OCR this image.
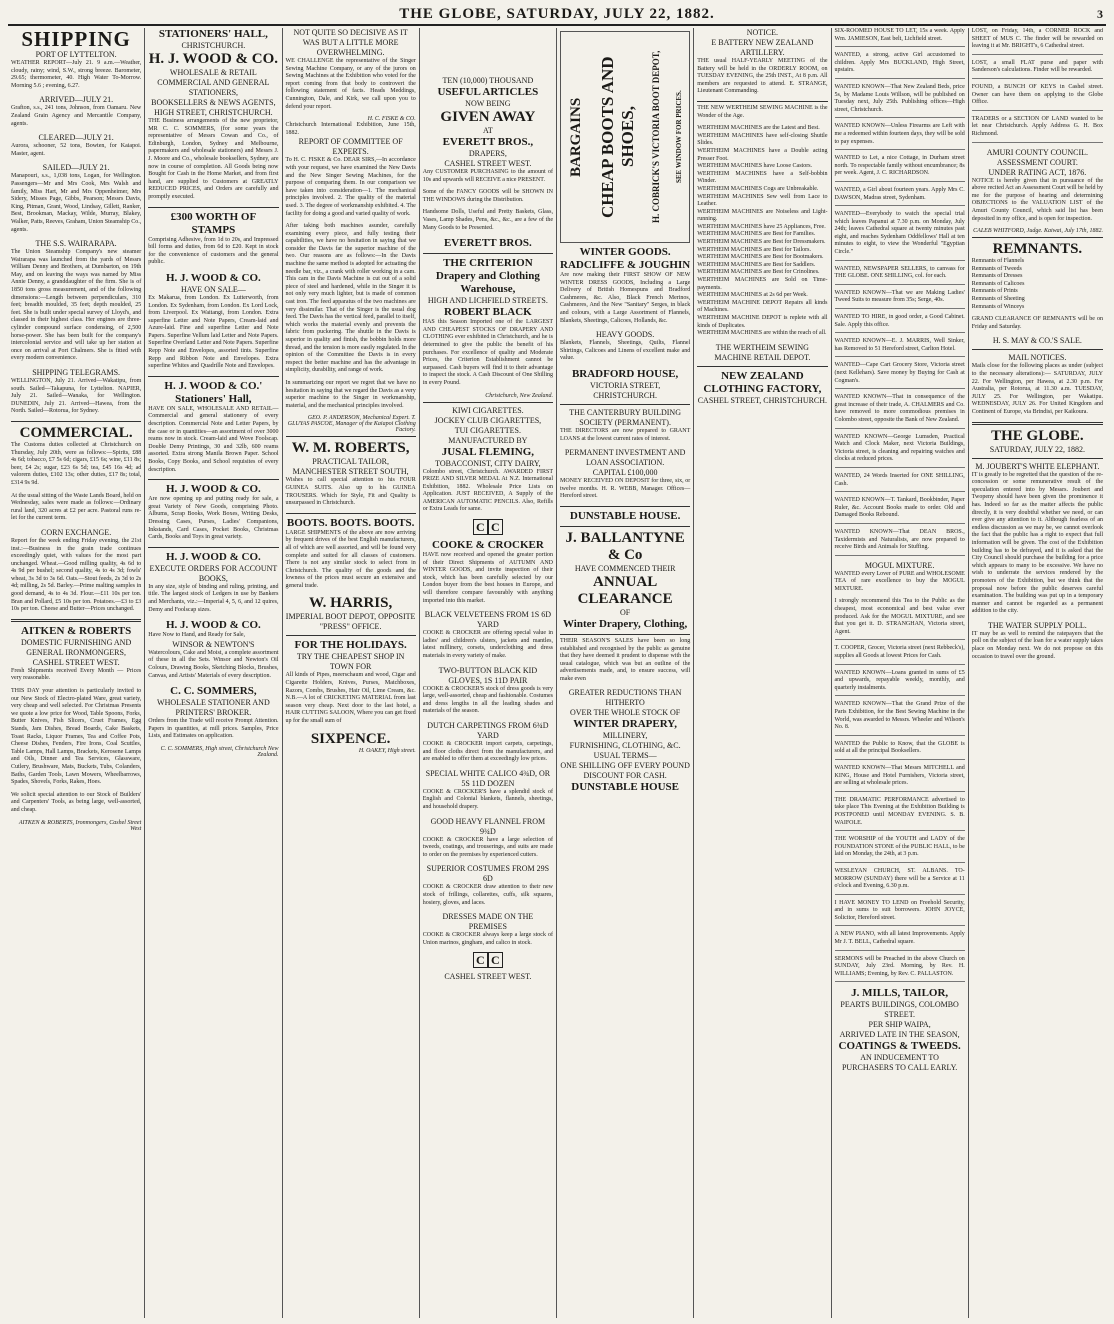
THE GLOBE, SATURDAY, JULY 22, 1882.	3
SHIPPING
PORT OF LYTTELTON.
WEATHER REPORT—July 21. 9 a.m.—Weather, cloudy, rainy; wind, S.W., strong breeze. Barometer, 29.65; thermometer, 40. High Water To-Morrow. Morning 5.6 ; evening, 6.27.
ARRIVED—JULY 21.
Grafton, s.s., 241 tons, Johnson, from Oamaru. New Zealand Grain Agency and Mercantile Company, agents.
CLEARED—JULY 21.
Aurora, schooner, 52 tons, Bowten, for Kaiapoi. Master, agent.
SAILED—JULY 21.
Manapouri, s.s., 1,038 tons, Logan, for Wellington. Passengers—Mr and Mrs Cook, Mrs Walsh and family, Miss Hart, Mr and Mrs Oppenheimer, Mrs Sidery, Misses Page, Gibbs, Pearson; Messrs Davis, King, Pitman, Grant, Wood, Lindsay, Gillett, Ranker, Best, Brookman, Mackay, Wilde, Murray, Blakey, Walker, Patts, Reeves, Graham, Union Steamship Co., agents.
THE S.S. WAIRARAPA.
The Union Steamship Company's new steamer Wairarapa was launched from the yards of Messrs William Denny and Brothers, at Dumbarton, on 19th May, and on leaving the ways was named by Miss Annie Denny, a granddaughter of the firm. She is of 1850 tons gross measurement, and of the following dimensions:—Length between perpendiculars, 310 feet; breadth moulded, 35 feet; depth moulded, 25 feet. She is built under special survey of Lloyd's, and classed in their highest class. Her engines are three-cylinder compound surface condensing, of 2,500 horse-power. She has been built for the company's intercolonial service and will take up her station at once on arrival at Port Chalmers. She is fitted with every modern convenience.
SHIPPING TELEGRAMS.
WELLINGTON, July 21. Arrived—Wakatipu, from south. Sailed—Takapuna, for Lyttelton. NAPIER, July 21. Sailed—Wanaka, for Wellington. DUNEDIN, July 21. Arrived—Hawea, from the North. Sailed—Rotorua, for Sydney.
COMMERCIAL.
The Customs duties collected at Christchurch on Thursday, July 20th, were as follows:—Spirits, £88 4s 6d; tobacco, £7 5s 6d; cigars, £15 6s; wine, £11 8s; beer, £4 2s; sugar, £23 6s 5d; tea, £45 16s 4d; ad valorem duties, £102 13s; other duties, £17 8s; total, £314 9s 9d.
At the usual sitting of the Waste Lands Board, held on Wednesday, sales were made as follows:—Ordinary rural land, 320 acres at £2 per acre. Pastoral runs re-let for the current term.
CORN EXCHANGE.
Report for the week ending Friday evening, the 21st inst.:—Business in the grain trade continues exceedingly quiet, with values for the most part unchanged. Wheat.—Good milling quality, 4s 6d to 4s 9d per bushel; second quality, 4s to 4s 3d; fowls' wheat, 3s 3d to 3s 6d. Oats.—Stout feeds, 2s 3d to 2s 4d; milling, 2s 5d. Barley.—Prime malting samples in good demand, 4s to 4s 3d. Flour.—£11 10s per ton. Bran and Pollard, £5 10s per ton. Potatoes.—£3 to £3 10s per ton. Cheese and Butter—Prices unchanged.
AITKEN & ROBERTS
DOMESTIC FURNISHING AND GENERAL IRONMONGERS,
CASHEL STREET WEST.
Fresh Shipments received Every Month — Prices very reasonable.
THIS DAY your attention is particularly invited to our New Stock of Electro-plated Ware, great variety, very cheap and well selected. For Christmas Presents we quote a low price for Wood, Table Spoons, Forks, Butter Knives, Fish Slicers, Cruet Frames, Egg Stands, Jam Dishes, Bread Boards, Cake Baskets, Toast Racks, Liquor Frames, Tea and Coffee Pots, Cheese Dishes, Fenders, Fire Irons, Coal Scuttles, Table Lamps, Hall Lamps, Brackets, Kerosene Lamps and Oils, Dinner and Tea Services, Glassware, Cutlery, Brushware, Mats, Buckets, Tubs, Colanders, Baths, Garden Tools, Lawn Mowers, Wheelbarrows, Spades, Shovels, Forks, Rakes, Hoes.
We solicit special attention to our Stock of Builders' and Carpenters' Tools, as being large, well-assorted, and cheap.
AITKEN & ROBERTS, Ironmongers, Cashel Street West
STATIONERS' HALL,
CHRISTCHURCH.
H. J. WOOD & CO.
WHOLESALE & RETAIL
COMMERCIAL AND GENERAL STATIONERS,
BOOKSELLERS & NEWS AGENTS,
HIGH STREET, CHRISTCHURCH.
THE Business arrangements of the new proprietor, MR C. C. SOMMERS, (for some years the representative of Messrs Cowan and Co., of Edinburgh, London, Sydney and Melbourne, papermakers and wholesale stationers) and Messrs J. J. Moore and Co., wholesale booksellers, Sydney, are now in course of completion. All Goods being now Bought for Cash in the Home Market, and from first hand, are supplied to Customers at GREATLY REDUCED PRICES, and Orders are carefully and promptly executed.
£300 WORTH OF STAMPS
Comprising Adhesive, from 1d to 20s, and Impressed bill forms and duties, from 6d to £20. Kept in stock for the convenience of customers and the general public.
H. J. WOOD & CO.
HAVE ON SALE—
Ex Makarua, from London. Ex Lutterworth, from London. Ex Sydenham, from London. Ex Lord Lock, from Liverpool. Ex Waitangi, from London. Extra superfine Letter and Note Papers, Cream-laid and Azure-laid. Fine and superfine Letter and Note Papers. Superfine Vellum laid Letter and Note Papers. Superfine Overland Letter and Note Papers. Superfine Repp Note and Envelopes, assorted tints. Superfine Repp and Ribbon Note and Envelopes. Extra superfine Whites and Quadrille Note and Envelopes.
H. J. WOOD & CO.'
Stationers' Hall,
HAVE ON SALE, WHOLESALE AND RETAIL—Commercial and general stationery of every description. Commercial Note and Letter Papers, by the case or in quantities—an assortment of over 3000 reams now in stock. Cream-laid and Wove Foolscap. Double Demy Printings, 30 and 32lb, 600 reams assorted. Extra strong Manila Brown Paper. School Books, Copy Books, and School requisites of every description.
H. J. WOOD & CO.
Are now opening up and putting ready for sale, a great Variety of New Goods, comprising Photo. Albums, Scrap Books, Work Boxes, Writing Desks, Dressing Cases, Purses, Ladies' Companions, Inkstands, Card Cases, Pocket Books, Christmas Cards, Books and Toys in great variety.
H. J. WOOD & CO.
EXECUTE ORDERS FOR ACCOUNT BOOKS,
In any size, style of binding and ruling, printing, and title. The largest stock of Ledgers in use by Bankers and Merchants, viz.:—Imperial 4, 5, 6, and 12 quires, Demy and Foolscap sizes.
H. J. WOOD & CO.
Have Now to Hand, and Ready for Sale,
WINSOR & NEWTON'S
Watercolours, Cake and Moist, a complete assortment of these in all the Sets. Winsor and Newton's Oil Colours, Drawing Books, Sketching Blocks, Brushes, Canvas, and Artists' Materials of every description.
C. C. SOMMERS,
WHOLESALE STATIONER AND PRINTERS' BROKER.
Orders from the Trade will receive Prompt Attention. Papers in quantities, at mill prices. Samples, Price Lists, and Estimates on application.
C. C. SOMMERS, High street, Christchurch New Zealand.
NOT QUITE SO DECISIVE AS IT WAS BUT A LITTLE MORE OVERWHELMING.
WE CHALLENGE the representative of the Singer Sewing Machine Company, or any of the jurors on Sewing Machines at the Exhibition who voted for the report coming from that body to controvert the following statement of facts. Heads Meddings, Cunnington, Dale, and Kirk, we call upon you to defend your report.
H. C. FISKE & CO.
Christchurch International Exhibition, June 15th, 1882.
REPORT OF COMMITTEE OF EXPERTS.
To H. C. FISKE & Co. DEAR SIRS,—In accordance with your request, we have examined the New Davis and the New Singer Sewing Machines, for the purpose of comparing them. In our comparison we have taken into consideration—1. The mechanical principles involved. 2. The quality of the material used. 3. The degree of workmanship exhibited. 4. The facility for doing a good and varied quality of work.
After taking both machines asunder, carefully examining every piece, and fully testing their capabilities, we have no hesitation in saying that we consider the Davis far the superior machine of the two. Our reasons are as follows:—In the Davis machine the same method is adopted for actuating the needle bar, viz., a crank with roller working in a cam. This cam in the Davis Machine is cut out of a solid piece of steel and hardened, while in the Singer it is not only very much lighter, but is made of common cast iron. The feed apparatus of the two machines are very dissimilar. That of the Singer is the usual dog feed. The Davis has the vertical feed, parallel to itself, which works the material evenly and prevents the fabric from puckering. The shuttle in the Davis is superior in quality and finish, the bobbin holds more thread, and the tension is more easily regulated. In the opinion of the Committee the Davis is in every respect the better machine and has the advantage in simplicity, durability, and range of work.
In summarizing our report we regret that we have no hesitation in saying that we regard the Davis as a very superior machine to the Singer in workmanship, material, and the mechanical principles involved.
GEO. P. ANDERSON, Mechanical Expert. T. GLUYAS PASCOE, Manager of the Kaiapoi Clothing Factory.
W. M. ROBERTS,
PRACTICAL TAILOR, MANCHESTER STREET SOUTH,
Wishes to call special attention to his FOUR GUINEA SUITS. Also up to his GUINEA TROUSERS. Which for Style, Fit and Quality is unsurpassed in Christchurch.
BOOTS. BOOTS. BOOTS.
LARGE SHIPMENTS of the above are now arriving by frequent drives of the best English manufacturers, all of which are well assorted, and will be found very complete and suited for all classes of customers. There is not any similar stock to select from in Christchurch. The quality of the goods and the lowness of the prices must secure an extensive and general trade.
W. HARRIS,
IMPERIAL BOOT DEPOT, OPPOSITE "PRESS" OFFICE.
FOR THE HOLIDAYS.
TRY THE CHEAPEST SHOP IN TOWN FOR
All kinds of Pipes, meerschaum and wood, Cigar and Cigarette Holders, Knives, Purses, Matchboxes, Razors, Combs, Brushes, Hair Oil, Lime Cream, &c. N.B.—A lot of CRICKETING MATERIAL from last season very cheap. Next door to the last hotel, a HAIR CUTTING SALOON, Where you can get fixed up for the small sum of
SIXPENCE.
H. OAKEY, High street.
TEN (10,000) THOUSAND
USEFUL ARTICLES
NOW BEING
GIVEN AWAY
AT
EVERETT BROS.,
DRAPERS,
CASHEL STREET WEST.
Any CUSTOMER PURCHASING to the amount of 10s and upwards will RECEIVE a nice PRESENT.
Some of the FANCY GOODS will be SHOWN IN THE WINDOWS during the Distribution.
Handsome Dolls, Useful and Pretty Baskets, Glass, Vases, Lamp Shades, Pens, &c., &c., are a few of the Many Goods to be Presented.
EVERETT BROS.
THE CRITERION
Drapery and Clothing
Warehouse,
HIGH AND LICHFIELD STREETS.
ROBERT BLACK
HAS this Season Imported one of the LARGEST AND CHEAPEST STOCKS OF DRAPERY AND CLOTHING ever exhibited in Christchurch, and he is determined to give the public the benefit of his purchases. For excellence of quality and Moderate Prices, the Criterion Establishment cannot be surpassed. Cash buyers will find it to their advantage to inspect the stock. A Cash Discount of One Shilling in every Pound.
Christchurch, New Zealand.
KIWI CIGARETTES.
JOCKEY CLUB CIGARETTES,
TUI CIGARETTES.
MANUFACTURED BY
JUSAL FLEMING,
TOBACCONIST, CITY DAIRY,
Colombo street, Christchurch. AWARDED FIRST PRIZE AND SILVER MEDAL At N.Z. International Exhibition, 1882. Wholesale Price Lists on Application. JUST RECEIVED, A Supply of the AMERICAN AUTOMATIC PENCILS. Also, Refills or Extra Leads for same.
C C
COOKE & CROCKER
HAVE now received and opened the greater portion of their Direct Shipments of AUTUMN AND WINTER GOODS, and invite inspection of their stock, which has been carefully selected by our London buyer from the best houses in Europe, and will therefore compare favourably with anything imported into this market.
BLACK VELVETEENS FROM 1S 6D YARD
COOKE & CROCKER are offering special value in ladies' and children's ulsters, jackets and mantles, latest millinery, corsets, underclothing and dress materials in every variety of make.
TWO-BUTTON BLACK KID GLOVES, 1S 11D PAIR
COOKE & CROCKER'S stock of dress goods is very large, well-assorted, cheap and fashionable. Costumes and dress lengths in all the leading shades and materials of the season.
DUTCH CARPETINGS FROM 6¾D YARD
COOKE & CROCKER import carpets, carpetings, and floor cloths direct from the manufacturers, and are enabled to offer them at exceedingly low prices.
SPECIAL WHITE CALICO 4¾D, OR 5S 11D DOZEN
COOKE & CROCKER'S have a splendid stock of English and Colonial blankets, flannels, sheetings, and household drapery.
GOOD HEAVY FLANNEL FROM 9¾D
COOKE & CROCKER have a large selection of tweeds, coatings, and trouserings, and suits are made to order on the premises by experienced cutters.
SUPERIOR COSTUMES FROM 29S 6D
COOKE & CROCKER draw attention to their new stock of frillings, collarettes, cuffs, silk squares, hosiery, gloves, and laces.
DRESSES MADE ON THE PREMISES
COOKE & CROCKER always keep a large stock of Union marinos, gingham, and calico in stock.
C C
CASHEL STREET WEST.
BARGAINS CHEAP BOOTS AND SHOES, H. COBRICK'S VICTORIA BOOT DEPOT, SEE WINDOW FOR PRICES.
WINTER GOODS.
RADCLIFFE & JOUGHIN
Are now making their FIRST SHOW OF NEW WINTER DRESS GOODS, Including a Large Delivery of British Homespuns and Bradford Cashmeres, &c. Also, Black French Merinos, Cashmeres, And the New "Sanitary" Serges, in black and colours, with a Large Assortment of Flannels, Blankets, Sheetings, Calicoes, Hollands, &c.
HEAVY GOODS.
Blankets, Flannels, Sheetings, Quilts, Flannel Shirtings, Calicoes and Linens of excellent make and value.
BRADFORD HOUSE,
VICTORIA STREET, CHRISTCHURCH.
THE CANTERBURY BUILDING SOCIETY (PERMANENT).
THE DIRECTORS are now prepared to GRANT LOANS at the lowest current rates of interest.
PERMANENT INVESTMENT AND LOAN ASSOCIATION.
CAPITAL £100,000
MONEY RECEIVED ON DEPOSIT for three, six, or twelve months. H. R. WEBB, Manager. Offices—Hereford street.
DUNSTABLE HOUSE.
J. BALLANTYNE & Co
HAVE COMMENCED THEIR
ANNUAL CLEARANCE
OF
Winter Drapery, Clothing,
THEIR SEASON'S SALES have been so long established and recognised by the public as genuine that they have deemed it prudent to dispense with the usual catalogue, which was but an outline of the advertisements made, and, to ensure success, will make even
GREATER REDUCTIONS THAN HITHERTO
OVER THE WHOLE STOCK OF
WINTER DRAPERY,
MILLINERY,
FURNISHING, CLOTHING, &C.
USUAL TERMS—
ONE SHILLING OFF EVERY POUND
DISCOUNT FOR CASH.
DUNSTABLE HOUSE
NOTICE.
E BATTERY NEW ZEALAND ARTILLERY.
THE usual HALF-YEARLY MEETING of the Battery will be held in the ORDERLY ROOM, on TUESDAY EVENING, the 25th INST., At 8 p.m. All members are requested to attend. E. STRANGE, Lieutenant Commanding.
THE NEW WERTHEIM SEWING MACHINE is the Wonder of the Age.
WERTHEIM MACHINES are the Latest and Best.
WERTHEIM MACHINES have self-closing Shuttle Slides.
WERTHEIM MACHINES have a Double acting Presser Foot.
WERTHEIM MACHINES have Loose Castors.
WERTHEIM MACHINES have a Self-bobbin Winder.
WERTHEIM MACHINES Cogs are Unbreakable.
WERTHEIM MACHINES Sew well from Lace to Leather.
WERTHEIM MACHINES are Noiseless and Light-running.
WERTHEIM MACHINES have 25 Appliances, Free.
WERTHEIM MACHINES are Best for Families.
WERTHEIM MACHINES are Best for Dressmakers.
WERTHEIM MACHINES are Best for Tailors.
WERTHEIM MACHINES are Best for Bootmakers.
WERTHEIM MACHINES are Best for Saddlers.
WERTHEIM MACHINES are Best for Crinolines.
WERTHEIM MACHINES are Sold on Time-payments.
WERTHEIM MACHINES at 2s 6d per Week.
WERTHEIM MACHINE DEPOT Repairs all kinds of Machines.
WERTHEIM MACHINE DEPOT is replete with all kinds of Duplicates.
WERTHEIM MACHINES are within the reach of all.
THE WERTHEIM SEWING MACHINE RETAIL DEPOT.
NEW ZEALAND CLOTHING FACTORY,
CASHEL STREET, CHRISTCHURCH.
SIX-ROOMED HOUSE TO LET, 15s a week. Apply Wm. JAMIESON, East belt, Lichfield street.
WANTED, a strong, active Girl accustomed to children. Apply Mrs BUCKLAND, High Street, upstairs.
WANTED KNOWN—That New Zealand Beds, price 5s, by Madame Louis Willson, will be published on Tuesday next, July 25th. Publishing offices—High street, Christchurch.
WANTED KNOWN—Unless Firearms are Left with me a redeemed within fourteen days, they will be sold to pay expenses.
WANTED to Let, a nice Cottage, in Durham street north. To respectable family without encumbrance; 8s per week. Agent, J. C. RICHARDSON.
WANTED, a Girl about fourteen years. Apply Mrs C. DAWSON, Madras street, Sydenham.
WANTED—Everybody to watch the special trial which leaves Papanui at 7.30 p.m. on Monday, July 24th; leaves Cathedral square at twenty minutes past eight, and reaches Sydenham Oddfellows' Hall at ten minutes to eight, to view the Wonderful "Egyptian Circle."
WANTED, NEWSPAPER SELLERS, to canvass for THE GLOBE. ONE SHILLING, col. for each.
WANTED KNOWN—That we are Making Ladies' Tweed Suits to measure from 35s; Serge, 40s.
WANTED TO HIRE, in good order, a Good Cabinet. Sale. Apply this office.
WANTED KNOWN—E. J. MARRIS, Well Sinker, has Removed to 51 Hereford street, Carlton Hotel.
WANTED—Cape Cart Grocery Store, Victoria street (next Kellehars). Save money by Buying for Cash at Cogman's.
WANTED KNOWN—That in consequence of the great increase of their trade, A. CHALMERS and Co. have removed to more commodious premises in Colombo street, opposite the Bank of New Zealand.
WANTED KNOWN—George Lumsden, Practical Watch and Clock Maker, next Victoria Buildings, Victoria street, is cleaning and repairing watches and clocks at reduced prices.
WANTED, 24 Words Inserted for ONE SHILLING, Cash.
WANTED KNOWN—T. Tankard, Bookbinder, Paper Ruler, &c. Account Books made to order. Old and Damaged Books Rebound.
WANTED KNOWN—That DEAN BROS., Taxidermists and Naturalists, are now prepared to receive Birds and Animals for Stuffing.
MOGUL MIXTURE.
WANTED every Lover of PURE and WHOLESOME TEA of rare excellence to buy the MOGUL MIXTURE.
I strongly recommend this Tea to the Public as the cheapest, most economical and best value ever produced. Ask for the MOGUL MIXTURE, and see that you get it. D. STRANGHAN, Victoria street, Agent.
T. COOPER, Grocer, Victoria street (next Rebbeck's), supplies all Goods at lowest Prices for Cash.
WANTED KNOWN—Loans granted in sums of £5 and upwards, repayable weekly, monthly, and quarterly instalments.
WANTED KNOWN—That the Grand Prize of the Paris Exhibition, for the Best Sewing Machine in the World, was awarded to Messrs. Wheeler and Wilson's No. 8.
WANTED the Public to Know, that the GLOBE is sold at all the principal Booksellers.
WANTED KNOWN—That Messrs MITCHELL and KING, House and Hotel Furnishers, Victoria street, are selling at wholesale prices.
THE DRAMATIC PERFORMANCE advertised to take place This Evening at the Exhibition Building is POSTPONED until MONDAY EVENING. S. B. WAIFOLE.
THE WORSHIP of the YOUTH and LADY of the FOUNDATION STONE of the PUBLIC HALL, to be laid on Monday, the 24th, at 3 p.m.
WESLEYAN CHURCH, ST. ALBANS. TO-MORROW (SUNDAY) there will be a Service at 11 o'clock and Evening, 6.30 p.m.
I HAVE MONEY TO LEND on Freehold Security, and in sums to suit borrowers. JOHN JOYCE, Solicitor, Hereford street.
A NEW PIANO, with all latest Improvements. Apply Mr J. T. BELL, Cathedral square.
SERMONS will be Preached in the above Church on SUNDAY, July 23rd. Morning, by Rev. H. WILLIAMS; Evening, by Rev. C. PALLASTON.
J. MILLS, TAILOR,
PEARTS BUILDINGS, COLOMBO STREET.
PER SHIP WAIPA,
ARRIVED LATE IN THE SEASON,
COATINGS & TWEEDS.
AN INDUCEMENT TO PURCHASERS TO CALL EARLY.
LOST, on Friday, 14th, a CORNER ROCK and SHEET of MUS C. The finder will be rewarded on leaving it at Mr. BRIGHT's, 6 Cathedral street.
LOST, a small FLAT purse and paper with Sanderson's calculations. Finder will be rewarded.
FOUND, a BUNCH OF KEYS in Cashel street. Owner can have them on applying to the Globe Office.
TRADERS or a SECTION OF LAND wanted to be let near Christchurch. Apply Address G. H. Box Richmond.
AMURI COUNTY COUNCIL.
ASSESSMENT COURT.
UNDER RATING ACT, 1876.
NOTICE is hereby given that in pursuance of the above recited Act an Assessment Court will be held by me for the purpose of hearing and determining OBJECTIONS to the VALUATION LIST of the Amuri County Council, which said list has been deposited in my office, and is open for inspection.
CALEB WHITFORD, Judge. Kaiwai, July 17th, 1882.
REMNANTS.
Remnants of Flannels
Remnants of Tweeds
Remnants of Dresses
Remnants of Calicoes
Remnants of Prints
Remnants of Sheeting
Remnants of Winceys
GRAND CLEARANCE OF REMNANTS will be on Friday and Saturday.
H. S. MAY & CO.'S SALE.
MAIL NOTICES.
Mails close for the following places as under (subject to the necessary alterations):— SATURDAY, JULY 22. For Wellington, per Hawea, at 2.30 p.m. For Australia, per Rotorua, at 11.30 a.m. TUESDAY, JULY 25. For Wellington, per Wakatipu. WEDNESDAY, JULY 26. For United Kingdom and Continent of Europe, via Brindisi, per Kaikoura.
THE GLOBE.
SATURDAY, JULY 22, 1882.
M. JOUBERT'S WHITE ELEPHANT.
IT is greatly to be regretted that the question of the re-concession or some remunerative result of the speculation entered into by Messrs. Joubert and Twopeny should have been given the prominence it has. Indeed so far as the matter affects the public directly, it is very doubtful whether we need, or can ever give any attention to it. Although fearless of an endless discussion as we may be, we cannot overlook the fact that the public has a right to expect that full information will be given. The cost of the Exhibition building has to be defrayed, and it is asked that the City Council should purchase the building for a price which appears to many to be excessive. We have no wish to underrate the services rendered by the promoters of the Exhibition, but we think that the proposal now before the public deserves careful examination. The building was put up in a temporary manner and cannot be regarded as a permanent addition to the city.
THE WATER SUPPLY POLL.
IT may be as well to remind the ratepayers that the poll on the subject of the loan for a water supply takes place on Monday next. We do not propose on this occasion to travel over the ground.
